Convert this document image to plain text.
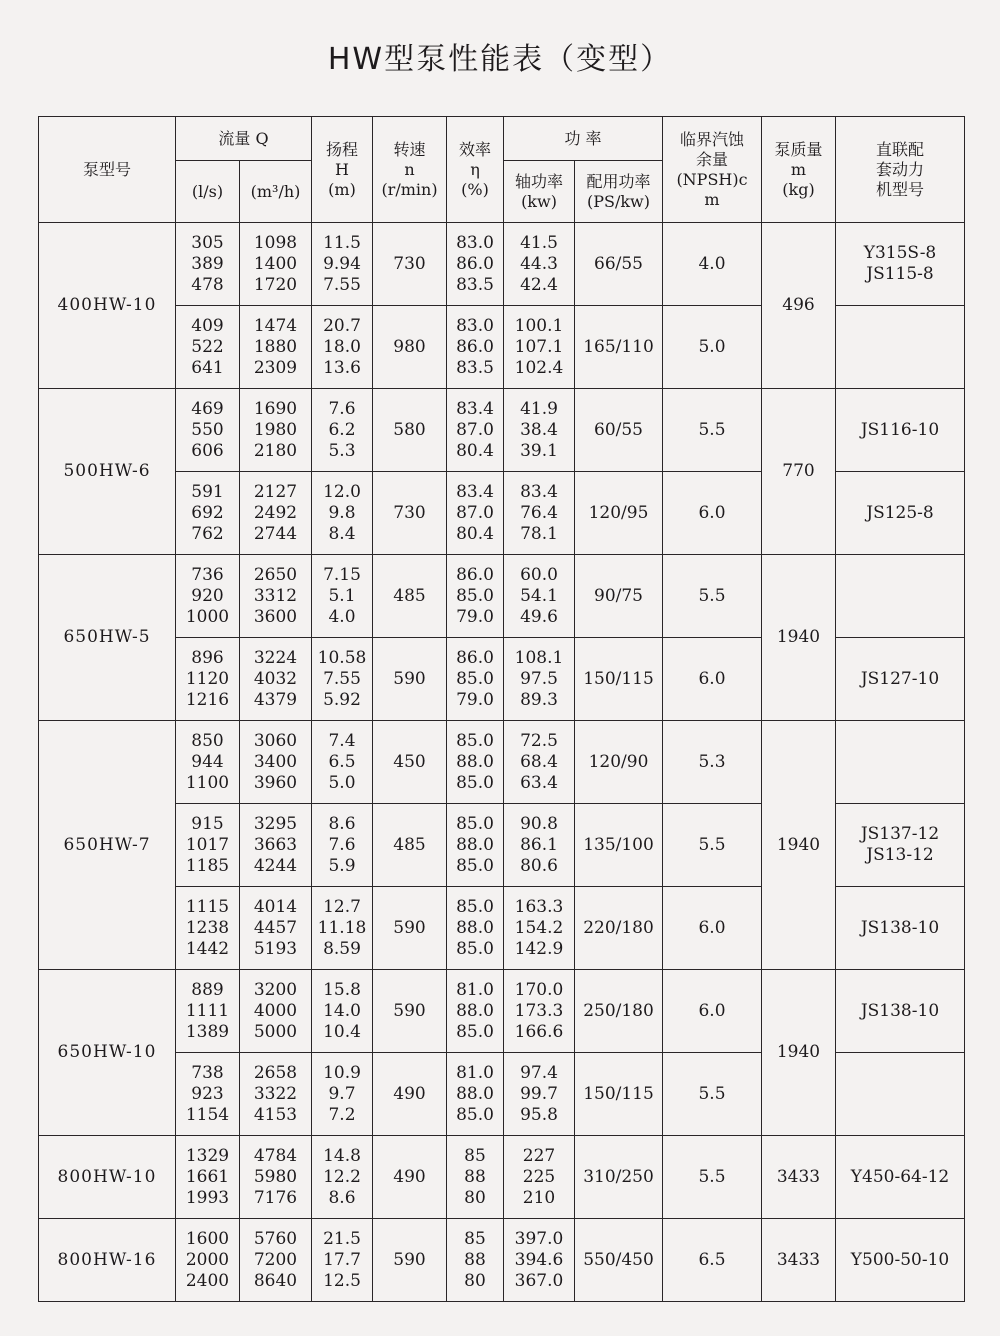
HW型泵性能表（变型）
泵型号	流量 Q		扬程
H
(m)	转速
n
(r/min)	效率
η
(%)	功 率		临界汽蚀
余量
(NPSH)c
m	泵质量
m
(kg)	直联配
套动力
机型号
	(l/s)	(m³/h)				轴功率
(kw)	配用功率
(PS/kw)			
400HW-10	305
389
478	1098
1400
1720	11.5
9.94
7.55	730	83.0
86.0
83.5	41.5
44.3
42.4	66/55	4.0	496	Y315S-8
JS115-8
	409
522
641	1474
1880
2309	20.7
18.0
13.6	980	83.0
86.0
83.5	100.1
107.1
102.4	165/110	5.0		
500HW-6	469
550
606	1690
1980
2180	7.6
6.2
5.3	580	83.4
87.0
80.4	41.9
38.4
39.1	60/55	5.5	770	JS116-10
	591
692
762	2127
2492
2744	12.0
9.8
8.4	730	83.4
87.0
80.4	83.4
76.4
78.1	120/95	6.0		JS125-8
650HW-5	736
920
1000	2650
3312
3600	7.15
5.1
4.0	485	86.0
85.0
79.0	60.0
54.1
49.6	90/75	5.5	1940	
	896
1120
1216	3224
4032
4379	10.58
7.55
5.92	590	86.0
85.0
79.0	108.1
97.5
89.3	150/115	6.0		JS127-10
650HW-7	850
944
1100	3060
3400
3960	7.4
6.5
5.0	450	85.0
88.0
85.0	72.5
68.4
63.4	120/90	5.3	1940	
	915
1017
1185	3295
3663
4244	8.6
7.6
5.9	485	85.0
88.0
85.0	90.8
86.1
80.6	135/100	5.5		JS137-12
JS13-12
	1115
1238
1442	4014
4457
5193	12.7
11.18
8.59	590	85.0
88.0
85.0	163.3
154.2
142.9	220/180	6.0		JS138-10
650HW-10	889
1111
1389	3200
4000
5000	15.8
14.0
10.4	590	81.0
88.0
85.0	170.0
173.3
166.6	250/180	6.0	1940	JS138-10
	738
923
1154	2658
3322
4153	10.9
9.7
7.2	490	81.0
88.0
85.0	97.4
99.7
95.8	150/115	5.5		
800HW-10	1329
1661
1993	4784
5980
7176	14.8
12.2
8.6	490	85
88
80	227
225
210	310/250	5.5	3433	Y450-64-12
800HW-16	1600
2000
2400	5760
7200
8640	21.5
17.7
12.5	590	85
88
80	397.0
394.6
367.0	550/450	6.5	3433	Y500-50-10
